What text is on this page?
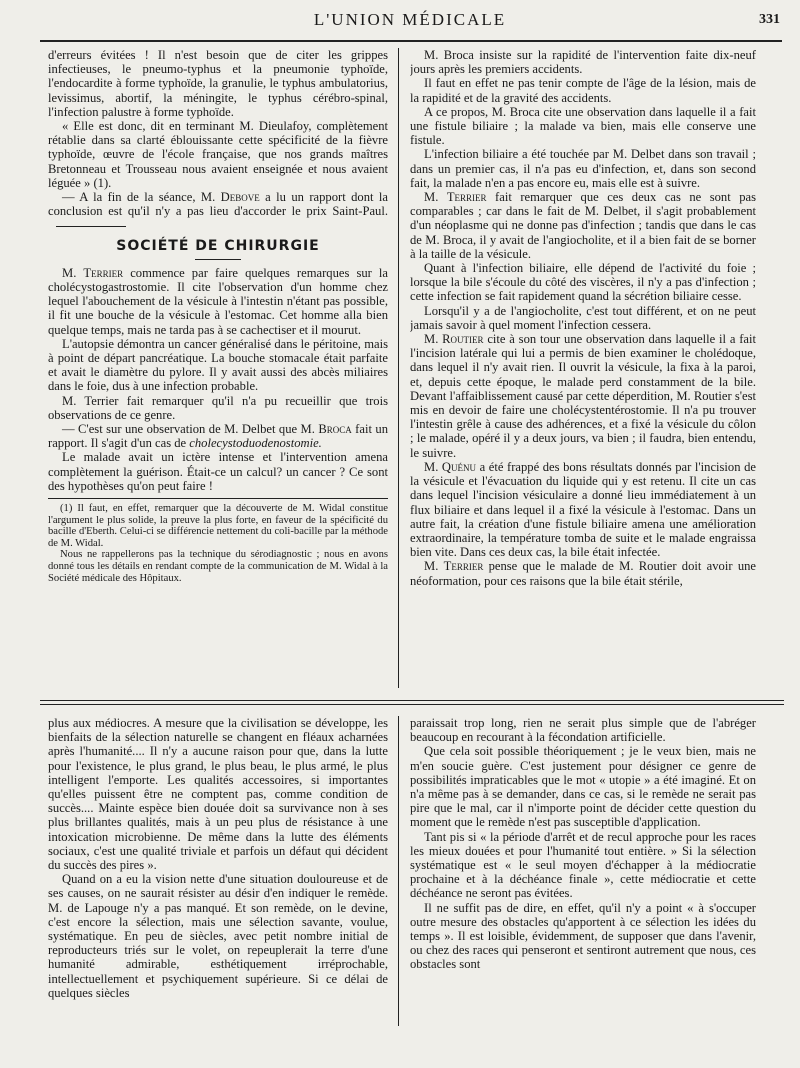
L'UNION MÉDICALE	331

d'erreurs évitées ! Il n'est besoin que de citer les grippes infectieuses, le pneumo-typhus et la pneumonie typhoïde, l'endocardite à forme typhoïde, la granulie, le typhus ambulatorius, levissimus, abortif, la méningite, le typhus cérébro-spinal, l'infection palustre à forme typhoïde.

« Elle est donc, dit en terminant M. Dieulafoy, complètement rétablie dans sa clarté éblouissante cette spécificité de la fièvre typhoïde, œuvre de l'école française, que nos grands maîtres Bretonneau et Trousseau nous avaient enseignée et nous avaient léguée » (1).

— A la fin de la séance, M. Debove a lu un rapport dont la conclusion est qu'il n'y a pas lieu d'accorder le prix Saint-Paul.

SOCIÉTÉ DE CHIRURGIE

M. Terrier commence par faire quelques remarques sur la cholécystogastrostomie. Il cite l'observation d'un homme chez lequel l'abouchement de la vésicule à l'intestin n'étant pas possible, il fit une bouche de la vésicule à l'estomac. Cet homme alla bien quelque temps, mais ne tarda pas à se cachectiser et il mourut.

L'autopsie démontra un cancer généralisé dans le péritoine, mais à point de départ pancréatique. La bouche stomacale était parfaite et avait le diamètre du pylore. Il y avait aussi des abcès miliaires dans le foie, dus à une infection probable.

M. Terrier fait remarquer qu'il n'a pu recueillir que trois observations de ce genre.

— C'est sur une observation de M. Delbet que M. Broca fait un rapport. Il s'agit d'un cas de cholecystoduodenostomie.

Le malade avait un ictère intense et l'intervention amena complètement la guérison. Était-ce un calcul? un cancer ? Ce sont des hypothèses qu'on peut faire !

(1) Il faut, en effet, remarquer que la découverte de M. Widal constitue l'argument le plus solide, la preuve la plus forte, en faveur de la spécificité du bacille d'Eberth. Celui-ci se différencie nettement du coli-bacille par la méthode de M. Widal.

Nous ne rappellerons pas la technique du sérodiagnostic ; nous en avons donné tous les détails en rendant compte de la communication de M. Widal à la Société médicale des Hôpitaux.

M. Broca insiste sur la rapidité de l'intervention faite dix-neuf jours après les premiers accidents.

Il faut en effet ne pas tenir compte de l'âge de la lésion, mais de la rapidité et de la gravité des accidents.

A ce propos, M. Broca cite une observation dans laquelle il a fait une fistule biliaire ; la malade va bien, mais elle conserve une fistule.

L'infection biliaire a été touchée par M. Delbet dans son travail ; dans un premier cas, il n'a pas eu d'infection, et, dans son second fait, la malade n'en a pas encore eu, mais elle est à suivre.

M. Terrier fait remarquer que ces deux cas ne sont pas comparables ; car dans le fait de M. Delbet, il s'agit probablement d'un néoplasme qui ne donne pas d'infection ; tandis que dans le cas de M. Broca, il y avait de l'angiocholite, et il a bien fait de se borner à la taille de la vésicule.

Quant à l'infection biliaire, elle dépend de l'activité du foie ; lorsque la bile s'écoule du côté des viscères, il n'y a pas d'infection ; cette infection se fait rapidement quand la sécrétion biliaire cesse.

Lorsqu'il y a de l'angiocholite, c'est tout différent, et on ne peut jamais savoir à quel moment l'infection cessera.

M. Routier cite à son tour une observation dans laquelle il a fait l'incision latérale qui lui a permis de bien examiner le cholédoque, dans lequel il n'y avait rien. Il ouvrit la vésicule, la fixa à la paroi, et, depuis cette époque, le malade perd constamment de la bile. Devant l'affaiblissement causé par cette déperdition, M. Routier s'est mis en devoir de faire une cholécystentérostomie. Il n'a pu trouver l'intestin grêle à cause des adhérences, et a fixé la vésicule du côlon ; le malade, opéré il y a deux jours, va bien ; il faudra, bien entendu, le suivre.

M. Quénu a été frappé des bons résultats donnés par l'incision de la vésicule et l'évacuation du liquide qui y est retenu. Il cite un cas dans lequel l'incision vésiculaire a donné lieu immédiatement à un flux biliaire et dans lequel il a fixé la vésicule à l'estomac. Dans un autre fait, la création d'une fistule biliaire amena une amélioration extraordinaire, la température tomba de suite et le malade engraissa bien vite. Dans ces deux cas, la bile était infectée.

M. Terrier pense que le malade de M. Routier doit avoir une néoformation, pour ces raisons que la bile était stérile,

plus aux médiocres. A mesure que la civilisation se développe, les bienfaits de la sélection naturelle se changent en fléaux acharnées après l'humanité.... Il n'y a aucune raison pour que, dans la lutte pour l'existence, le plus grand, le plus beau, le plus armé, le plus intelligent l'emporte. Les qualités accessoires, si importantes qu'elles puissent être ne comptent pas, comme condition de succès.... Mainte espèce bien douée doit sa survivance non à ses plus brillantes qualités, mais à un peu plus de résistance à une intoxication microbienne. De même dans la lutte des éléments sociaux, c'est une qualité triviale et parfois un défaut qui décident du succès des pires ».

Quand on a eu la vision nette d'une situation douloureuse et de ses causes, on ne saurait résister au désir d'en indiquer le remède. M. de Lapouge n'y a pas manqué. Et son remède, on le devine, c'est encore la sélection, mais une sélection savante, voulue, systématique. En peu de siècles, avec petit nombre initial de reproducteurs triés sur le volet, on repeuplerait la terre d'une humanité admirable, esthétiquement irréprochable, intellectuellement et psychiquement supérieure. Si ce délai de quelques siècles

paraissait trop long, rien ne serait plus simple que de l'abréger beaucoup en recourant à la fécondation artificielle.

Que cela soit possible théoriquement ; je le veux bien, mais ne m'en soucie guère. C'est justement pour désigner ce genre de possibilités impraticables que le mot « utopie » a été imaginé. Et on n'a même pas à se demander, dans ce cas, si le remède ne serait pas pire que le mal, car il n'importe point de décider cette question du moment que le remède n'est pas susceptible d'application.

Tant pis si « la période d'arrêt et de recul approche pour les races les mieux douées et pour l'humanité tout entière. » Si la sélection systématique est « le seul moyen d'échapper à la médiocratie prochaine et à la déchéance finale », cette médiocratie et cette déchéance ne seront pas évitées.

Il ne suffit pas de dire, en effet, qu'il n'y a point « à s'occuper outre mesure des obstacles qu'apportent à ce sélection les idées du temps ». Il est loisible, évidemment, de supposer que dans l'avenir, ou chez des races qui penseront et sentiront autrement que nous, ces obstacles sont
